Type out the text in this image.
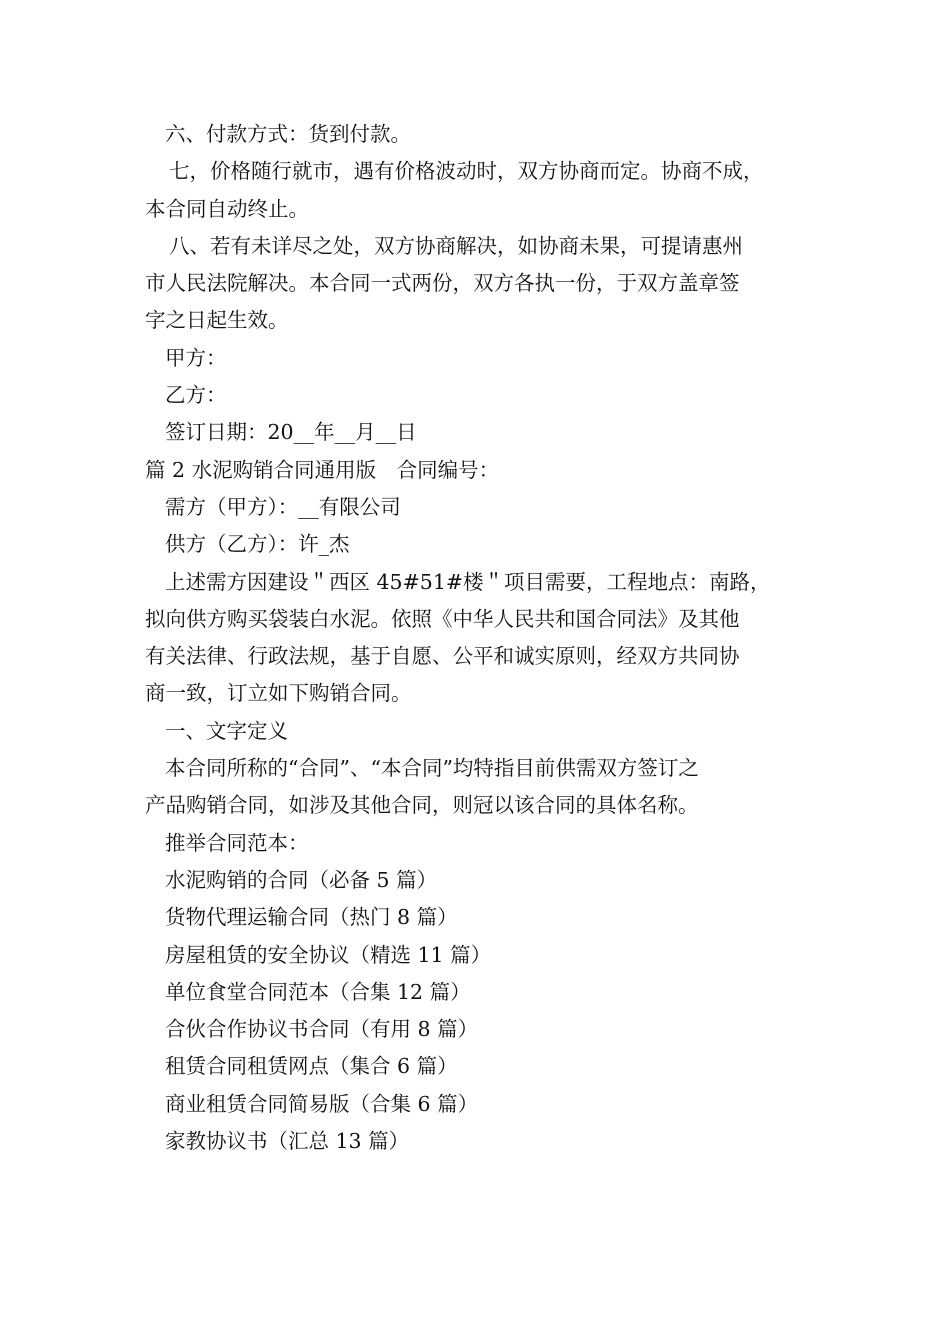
六、付款方式：货到付款。
七，价格随行就市，遇有价格波动时，双方协商而定。协商不成，
本合同自动终止。
八、若有未详尽之处，双方协商解决，如协商未果，可提请惠州
市人民法院解决。本合同一式两份，双方各执一份，于双方盖章签
字之日起生效。
甲方：
乙方：
签订日期：20__年__月__日
篇 2 水泥购销合同通用版　合同编号：
需方（甲方）：__有限公司
供方（乙方）：许_杰
上述需方因建设＂西区 45#51#楼＂项目需要，工程地点：南路，
拟向供方购买袋装白水泥。依照《中华人民共和国合同法》及其他
有关法律、行政法规，基于自愿、公平和诚实原则，经双方共同协
商一致，订立如下购销合同。
一、文字定义
本合同所称的“合同”、“本合同”均特指目前供需双方签订之
产品购销合同，如涉及其他合同，则冠以该合同的具体名称。
推举合同范本：
水泥购销的合同（必备 5 篇）
货物代理运输合同（热门 8 篇）
房屋租赁的安全协议（精选 11 篇）
单位食堂合同范本（合集 12 篇）
合伙合作协议书合同（有用 8 篇）
租赁合同租赁网点（集合 6 篇）
商业租赁合同简易版（合集 6 篇）
家教协议书（汇总 13 篇）
